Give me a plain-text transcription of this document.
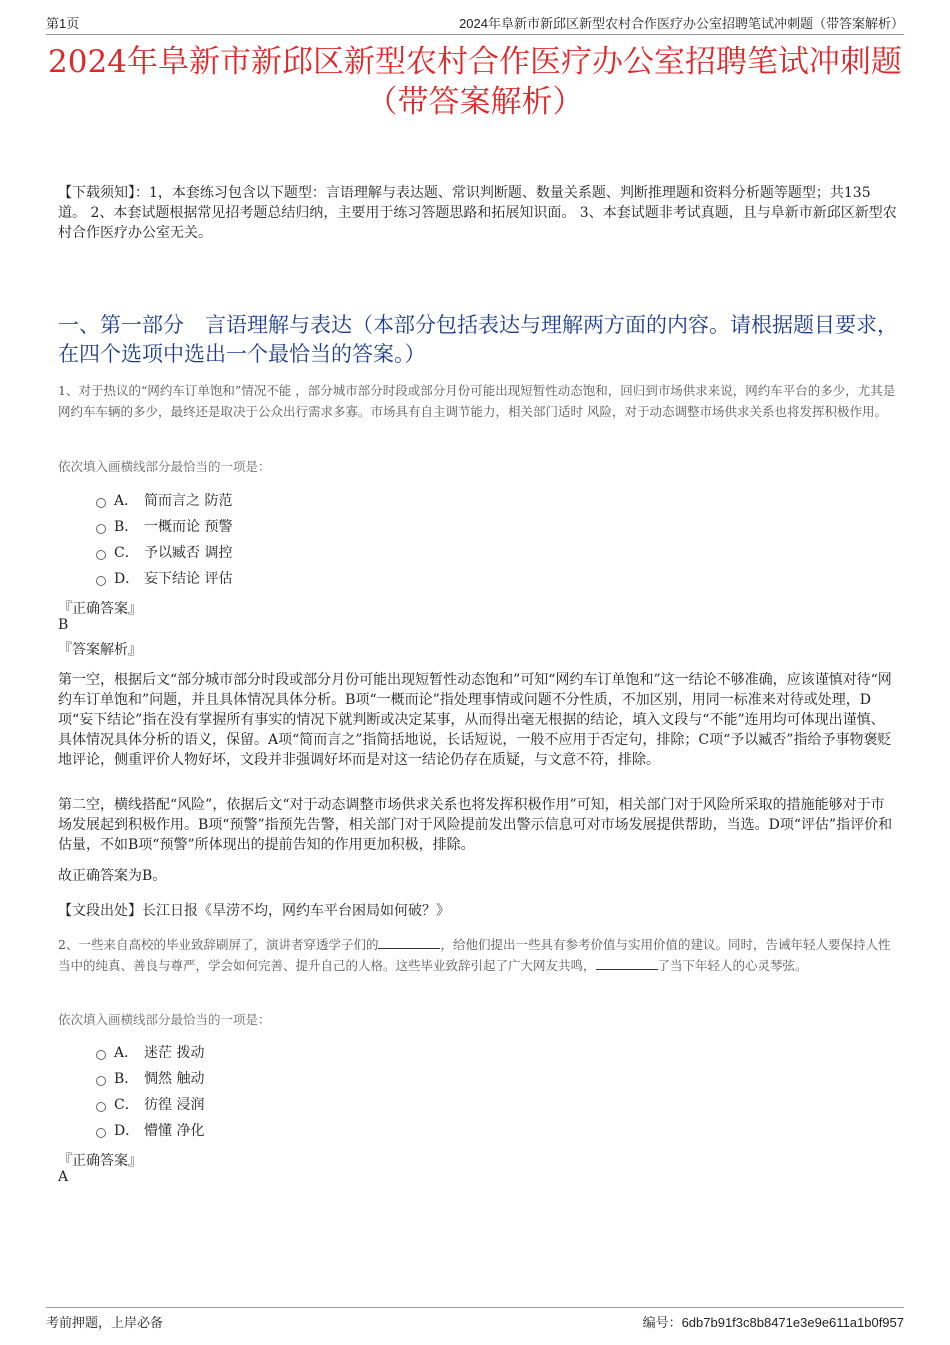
第1页	2024年阜新市新邱区新型农村合作医疗办公室招聘笔试冲刺题（带答案解析）
2024年阜新市新邱区新型农村合作医疗办公室招聘笔试冲刺题
（带答案解析）
【下载须知】：1，本套练习包含以下题型：言语理解与表达题、常识判断题、数量关系题、判断推理题和资料分析题等题型；共135道。 2、本套试题根据常见招考题总结归纳，主要用于练习答题思路和拓展知识面。 3、本套试题非考试真题，且与阜新市新邱区新型农村合作医疗办公室无关。
一、第一部分　言语理解与表达（本部分包括表达与理解两方面的内容。请根据题目要求，在四个选项中选出一个最恰当的答案。）
1、对于热议的“网约车订单饱和”情况不能 ，部分城市部分时段或部分月份可能出现短暂性动态饱和，回归到市场供求来说，网约车平台的多少，尤其是网约车车辆的多少，最终还是取决于公众出行需求多寡。市场具有自主调节能力，相关部门适时 风险，对于动态调整市场供求关系也将发挥积极作用。
依次填入画横线部分最恰当的一项是：
A． 简而言之 防范
B． 一概而论 预警
C． 予以臧否 调控
D． 妄下结论 评估
『正确答案』
B
『答案解析』
第一空，根据后文“部分城市部分时段或部分月份可能出现短暂性动态饱和”可知“网约车订单饱和”这一结论不够准确，应该谨慎对待“网约车订单饱和”问题，并且具体情况具体分析。B项“一概而论”指处理事情或问题不分性质，不加区别，用同一标准来对待或处理，D项“妄下结论”指在没有掌握所有事实的情况下就判断或决定某事，从而得出毫无根据的结论，填入文段与“不能”连用均可体现出谨慎、具体情况具体分析的语义，保留。A项“简而言之”指简括地说，长话短说，一般不应用于否定句，排除；C项“予以臧否”指给予事物褒贬地评论，侧重评价人物好坏，文段并非强调好坏而是对这一结论仍存在质疑，与文意不符，排除。
第二空，横线搭配“风险”，依据后文“对于动态调整市场供求关系也将发挥积极作用”可知，相关部门对于风险所采取的措施能够对于市场发展起到积极作用。B项“预警”指预先告警，相关部门对于风险提前发出警示信息可对市场发展提供帮助，当选。D项“评估”指评价和估量，不如B项“预警”所体现出的提前告知的作用更加积极，排除。
故正确答案为B。
【文段出处】长江日报《旱涝不均，网约车平台困局如何破？》
2、一些来自高校的毕业致辞刷屏了，演讲者穿透学子们的	，给他们提出一些具有参考价值与实用价值的建议。同时，告诫年轻人要保持人性当中的纯真、善良与尊严，学会如何完善、提升自己的人格。这些毕业致辞引起了广大网友共鸣，	了当下年轻人的心灵琴弦。
依次填入画横线部分最恰当的一项是：
A． 迷茫 拨动
B． 惆然 触动
C． 彷徨 浸润
D． 懵懂 净化
『正确答案』
A
考前押题，上岸必备	编号：6db7b91f3c8b8471e3e9e611a1b0f957
